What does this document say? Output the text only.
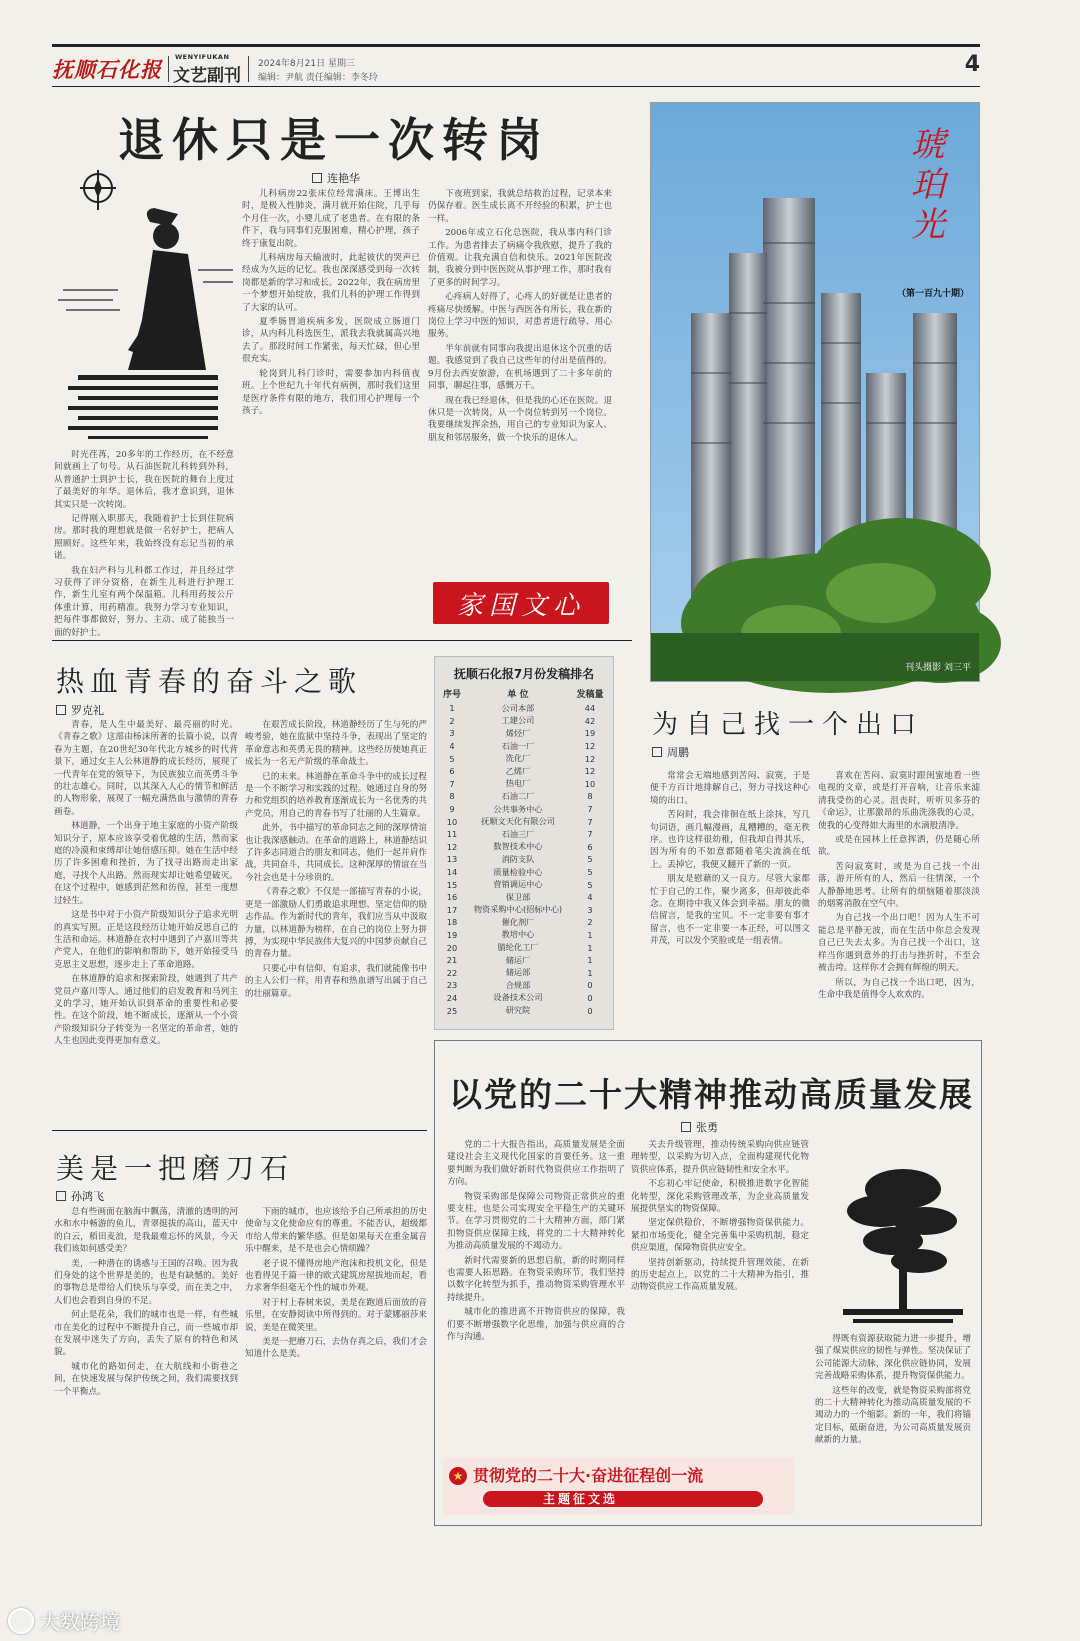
抚顺石化报 WENYIFUKAN
文艺副刊
2024年8月21日 星期三
编辑：尹航 责任编辑：李冬玲
4
退休只是一次转岗
连艳华

时光荏苒，20多年的工作经历，在不经意间就画上了句号。从石油医院儿科转到外科，从普通护士到护士长，我在医院的舞台上度过了最美好的年华。退休后，我才意识到，退休其实只是一次转岗。

记得刚入职那天，我随着护士长到住院病房。那时我的理想就是做一名好护士，把病人照顾好。这些年来，我始终没有忘记当初的承诺。

我在妇产科与儿科都工作过，并且经过学习获得了评分资格，在新生儿科进行护理工作，新生儿室有两个保温箱。儿科用药按公斤体重计算，用药精准。我努力学习专业知识，把每件事都做好，努力、主动、成了能独当一面的好护士。

儿科病房22张床位经常满床。王博出生时，是极入性肺炎，满月就开始住院，几乎每个月住一次，小婴儿成了老患者。在有限的条件下，我与同事们克服困难，精心护理，孩子终于康复出院。

儿科病房每天输液时，此起彼伏的哭声已经成为久远的记忆。我也深深感受到每一次转岗都是新的学习和成长。2022年，我在病房里一个梦想开始绽放，我们儿科的护理工作得到了大家的认可。

夏季肠胃道疾病多发，医院成立肠道门诊，从内科儿科选医生，派我去我就属高兴地去了。那段时间工作紧张，每天忙碌，但心里很充实。

轮岗到儿科门诊时，需要参加内科值夜班。上个世纪九十年代有病例，那时我们这里是医疗条件有限的地方，我们用心护理每一个孩子。

下夜班到家，我就总结救治过程，记录本来仍保存着。医生成长离不开经验的积累，护士也一样。

2006年成立石化总医院，我从事内科门诊工作。为患者排去了病痛令我欣慰，提升了我的价值观。让我充满自信和快乐。2021年医院改制，我被分到中医医院从事护理工作，那时我有了更多的时间学习。

心疼病人好得了，心疼人的好就是让患者的疼痛尽快缓解。中医与西医各有所长，我在新的岗位上学习中医的知识，对患者进行疏导、用心服务。

半年前就有同事向我提出退休这个沉重的话题。我感觉到了我自己这些年的付出是值得的。9月份去西安旅游，在机场遇到了二十多年前的同事，聊起往事，感慨万千。

现在我已经退休，但是我的心还在医院。退休只是一次转岗，从一个岗位转到另一个岗位。我要继续发挥余热，用自己的专业知识为家人、朋友和邻居服务，做一个快乐的退休人。

家国文心
琥珀光
（第一百九十期）
刊头摄影 刘三平
热血青春的奋斗之歌
罗克礼

青春，是人生中最美好、最亮丽的时光。《青春之歌》这部由杨沫所著的长篇小说，以青春为主题，在20世纪30年代北方城乡的时代背景下，通过女主人公林道静的成长经历，展现了一代青年在党的领导下，为民族独立而英勇斗争的壮志雄心。同时，以其深入人心的情节和鲜活的人物形象，展现了一幅充满热血与激情的青春画卷。

林道静，一个出身于地主家庭的小资产阶级知识分子，原本应该享受着优越的生活，然而家庭的冷漠和束缚却让她倍感压抑。她在生活中经历了许多困难和挫折，为了找寻出路而走出家庭，寻找个人出路。然而现实却让她希望破灭。在这个过程中，她感到茫然和彷徨，甚至一度想过轻生。

这是书中对于小资产阶级知识分子追求光明的真实写照。正是这段经历让她开始反思自己的生活和命运。林道静在农村中遇到了卢嘉川等共产党人，在他们的影响和帮助下，她开始接受马克思主义思想，逐步走上了革命道路。

在林道静的追求和探索阶段，她遇到了共产党员卢嘉川等人。通过他们的启发教育和马列主义的学习，她开始认识到革命的重要性和必要性。在这个阶段，她不断成长，逐渐从一个小资产阶级知识分子转变为一名坚定的革命者，她的人生也因此变得更加有意义。

在艰苦成长阶段，林道静经历了生与死的严峻考验，她在监狱中坚持斗争，表现出了坚定的革命意志和英勇无畏的精神。这些经历使她真正成长为一名无产阶级的革命战士。

已的未来。林道静在革命斗争中的成长过程是一个不断学习和实践的过程。她通过自身的努力和党组织的培养教育逐渐成长为一名优秀的共产党员，用自己的青春书写了壮丽的人生篇章。

此外，书中描写的革命同志之间的深厚情谊也让我深感触动。在革命的道路上，林道静结识了许多志同道合的朋友和同志，他们一起并肩作战，共同奋斗，共同成长。这种深厚的情谊在当今社会也是十分珍贵的。

《青春之歌》不仅是一部描写青春的小说，更是一部激励人们勇敢追求理想、坚定信仰的励志作品。作为新时代的青年，我们应当从中汲取力量，以林道静为榜样，在自己的岗位上努力拼搏，为实现中华民族伟大复兴的中国梦贡献自己的青春力量。

只要心中有信仰，有追求，我们就能像书中的主人公们一样，用青春和热血谱写出属于自己的壮丽篇章。

抚顺石化报7月份发稿排名
序号	单 位	发稿量
1	公司本部	44
2	工建公司	42
3	烯烃厂	19
4	石油一厂	12
5	洗化厂	12
6	乙烯厂	12
7	热电厂	10
8	石油二厂	8
9	公共事务中心	7
10	抚顺文天化有限公司	7
11	石油三厂	7
12	数智技术中心	6
13	消防支队	5
14	质量检验中心	5
15	营销调运中心	5
16	保卫部	4
17	物资采购中心(招标中心)	3
18	催化剂厂	2
19	教培中心	1
20	腈纶化工厂	1
21	储运厂	1
22	储运部	1
23	合规部	0
24	设备技术公司	0
25	研究院	0
为自己找一个出口
周鹏

常常会无端地感到苦闷、寂寞，于是便千方百计地排解自己，努力寻找这种心境的出口。

苦闷时，我会徘徊在纸上涂抹，写几句词语，画几幅漫画，乱糟糟的，毫无秩序。也许这样很幼稚，但我却自得其乐，因为所有的不如意都随着笔尖流淌在纸上。丢掉它，我便又翻开了新的一页。

朋友是慰藉的又一良方。尽管大家都忙于自己的工作，聚少离多，但却彼此牵念。在期待中我又体会到幸福。朋友的微信留言，是我的宝贝。不一定非要有事才留言，也不一定非要一本正经，可以图文并茂，可以发个笑脸或是一组表情。

喜欢在苦闷、寂寞时跟闺蜜地看一些电视的文章，或是打开音响，让音乐来滤清我受伤的心灵。沮丧时，听听贝多芬的《命运》，让那激昂的乐曲洗涤我的心灵，使我的心变得如大海里的水滴般清净。

或是在园林上任意挥洒，仍是随心所欲。

苦闷寂寞时，或是为自己找一个出落，游开所有的人，然后一往情深，一个人静静地思考。让所有的烦恼随着那淡淡的烟雾消散在空气中。

为自己找一个出口吧！因为人生不可能总是平静无波，而在生活中你总会发现自己已失去太多。为自己找一个出口，这样当你遇到意外的打击与挫折时，不至会被击垮。这样你才会拥有辉煌的明天。

所以，为自己找一个出口吧，因为，生命中我是值得令人欢欢的。

美是一把磨刀石
孙鸿飞

总有些画面在脑海中飘荡，清澈的透明的河水和水中畅游的鱼儿，青翠挺拔的高山，蓝天中的白云，稻田麦浪，是我最难忘怀的风景，今天我们该如何感受美？

美，一种潜在的诱惑与王国的召唤。因为我们身处的这个世界是美的，也是有缺憾的。美好的事物总是带给人们快乐与享受，而在美之中，人们也会看到自身的不足。

何止是花朵，我们的城市也是一样，有些城市在美化的过程中不断提升自己，而一些城市却在发展中迷失了方向，丢失了原有的特色和风貌。

城市化的路如何走，在大航线和小街巷之间，在快速发展与保护传统之间，我们需要找到一个平衡点。

下雨的城市，也应该给予自己所承担的历史使命与文化使命应有的尊重。不能否认，超级都市给人带来的繁华感。但是如果每天在重金属音乐中醒来，是不是也会心情烦躁？

老子说不懂得房地产泡沫和投机文化，但是也看得见千篇一律的欧式建筑房屋拔地而起，看力求奢华但毫无个性的城市外观。

对于村上春树来说，美是在跑道后面放的音乐里，在安静阅读中所得到的。对于蒙娜丽莎来说，美是在微笑里。

美是一把磨刀石，去伪存真之后，我们才会知道什么是美。

以党的二十大精神推动高质量发展
张勇

党的二十大报告指出，高质量发展是全面建设社会主义现代化国家的首要任务。这一重要判断为我们做好新时代物资供应工作指明了方向。

物资采购部是保障公司物资正常供应的重要支柱，也是公司实现安全平稳生产的关键环节。在学习贯彻党的二十大精神方面，部门紧扣物资供应保障主线，将党的二十大精神转化为推动高质量发展的不竭动力。

新时代需要新的思想启航，新的时期同样也需要人拓思路。在物资采购环节，我们坚持以数字化转型为抓手，推动物资采购管理水平持续提升。

城市化的推进离不开物资供应的保障，我们要不断增强数字化思维，加强与供应商的合作与沟通。

关去升级管理，推动传统采购向供应链管理转型，以采购为切入点，全面构建现代化物资供应体系，提升供应链韧性和安全水平。

不忘初心牢记使命，积极推进数字化智能化转型，深化采购管理改革，为企业高质量发展提供坚实的物资保障。

坚定保供稳价，不断增强物资保供能力。紧扣市场变化，健全完善集中采购机制，稳定供应渠道，保障物资供应安全。

坚持创新驱动，持续提升管理效能，在新的历史起点上，以党的二十大精神为指引，推动物资供应工作高质量发展。

得既有资源获取能力进一步提升，增强了煤炭供应的韧性与弹性。坚决保证了公司能源大动脉，深化供应链协同，发展完善战略采购体系，提升物资保供能力。

这些年的改变，就是物资采购部将党的二十大精神转化为推动高质量发展的不竭动力的一个缩影。新的一年，我们将锚定目标，砥砺奋进，为公司高质量发展贡献新的力量。

★ 贯彻党的二十大·奋进征程创一流
主题征文选
大数跨境
